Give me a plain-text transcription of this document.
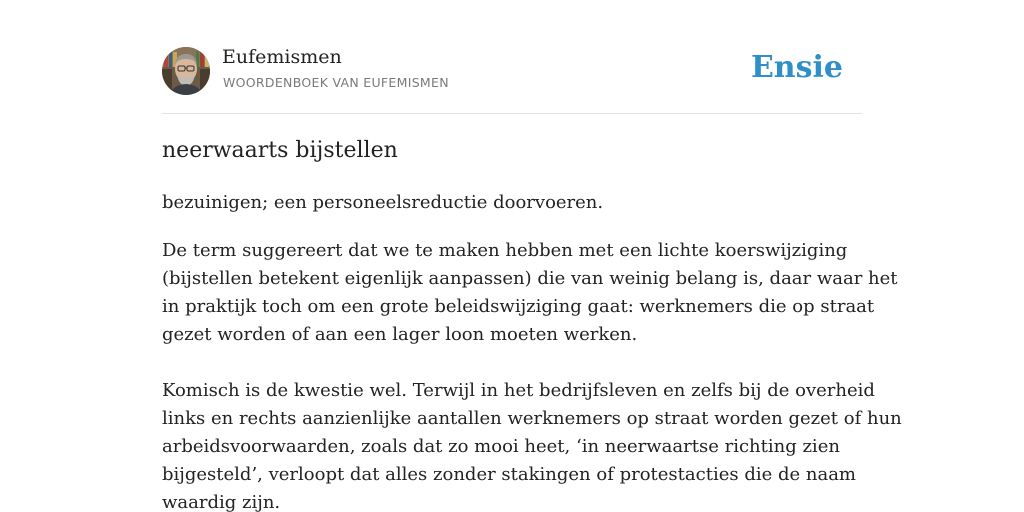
Eufemismen
WOORDENBOEK VAN EUFEMISMEN	Ensie
neerwaarts bijstellen

bezuinigen; een personeelsreductie doorvoeren.

De term suggereert dat we te maken hebben met een lichte koerswijziging
(bijstellen betekent eigenlijk aanpassen) die van weinig belang is, daar waar het
in praktijk toch om een grote beleidswijziging gaat: werknemers die op straat
gezet worden of aan een lager loon moeten werken.
Komisch is de kwestie wel. Terwijl in het bedrijfsleven en zelfs bij de overheid
links en rechts aanzienlijke aantallen werknemers op straat worden gezet of hun
arbeidsvoorwaarden, zoals dat zo mooi heet, ‘in neerwaartse richting zien
bijgesteld’, verloopt dat alles zonder stakingen of protestacties die de naam
waardig zijn.
